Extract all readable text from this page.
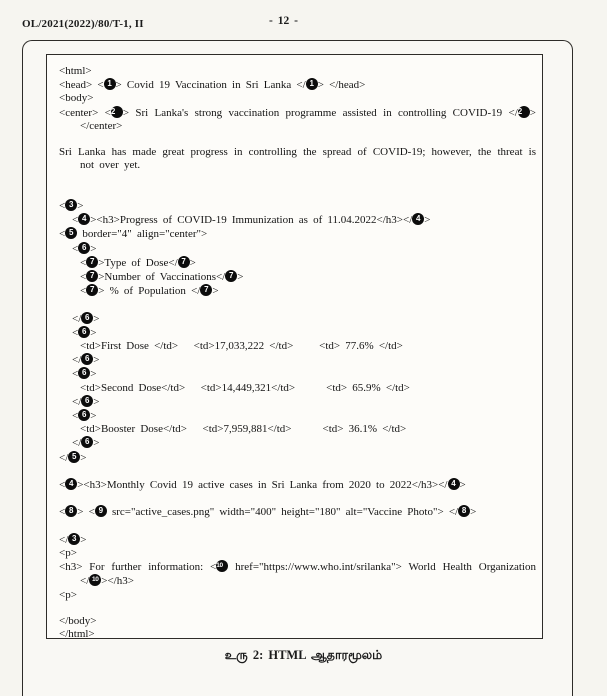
OL/2021(2022)/80/T-1, II	- 12 -
<html>
<head> < 1 > Covid 19 Vaccination in Sri Lanka </ 1 > </head>
<body>
<center> <2 > Sri Lanka's strong vaccination programme assisted in controlling COVID-19 </2 >
</center>
Sri Lanka has made great progress in controlling the spread of COVID-19; however, the threat is
not over yet.
< 3 >
< 4 ><h3>Progress of COVID-19 Immunization as of 11.04.2022</h3></ 4 >
< 5 border="4" align="center">
< 6 >
< 7 >Type of Dose</ 7 >
< 7 >Number of Vaccinations</ 7 >
< 7 > % of Population </ 7 >
</ 6 >
< 6 >
<td>First Dose </td>   <td>17,033,222 </td>     <td> 77.6% </td>
</ 6 >
< 6 >
<td>Second Dose</td>   <td>14,449,321</td>      <td> 65.9% </td>
</ 6 >
< 6 >
<td>Booster Dose</td>   <td>7,959,881</td>      <td> 36.1% </td>
</ 6 >
</ 5 >
< 4 ><h3>Monthly Covid 19 active cases in Sri Lanka from 2020 to 2022</h3></ 4 >
< 8 > < 9 src="active_cases.png" width="400" height="180" alt="Vaccine Photo"> </ 8 >
</ 3 >
<p>
<h3> For further information: <10 href="https://www.who.int/srilanka"> World Health Organization
</ 10 ></h3>
<p>
</body>
</html>
உரு 2: HTML ஆதாரமூலம்
